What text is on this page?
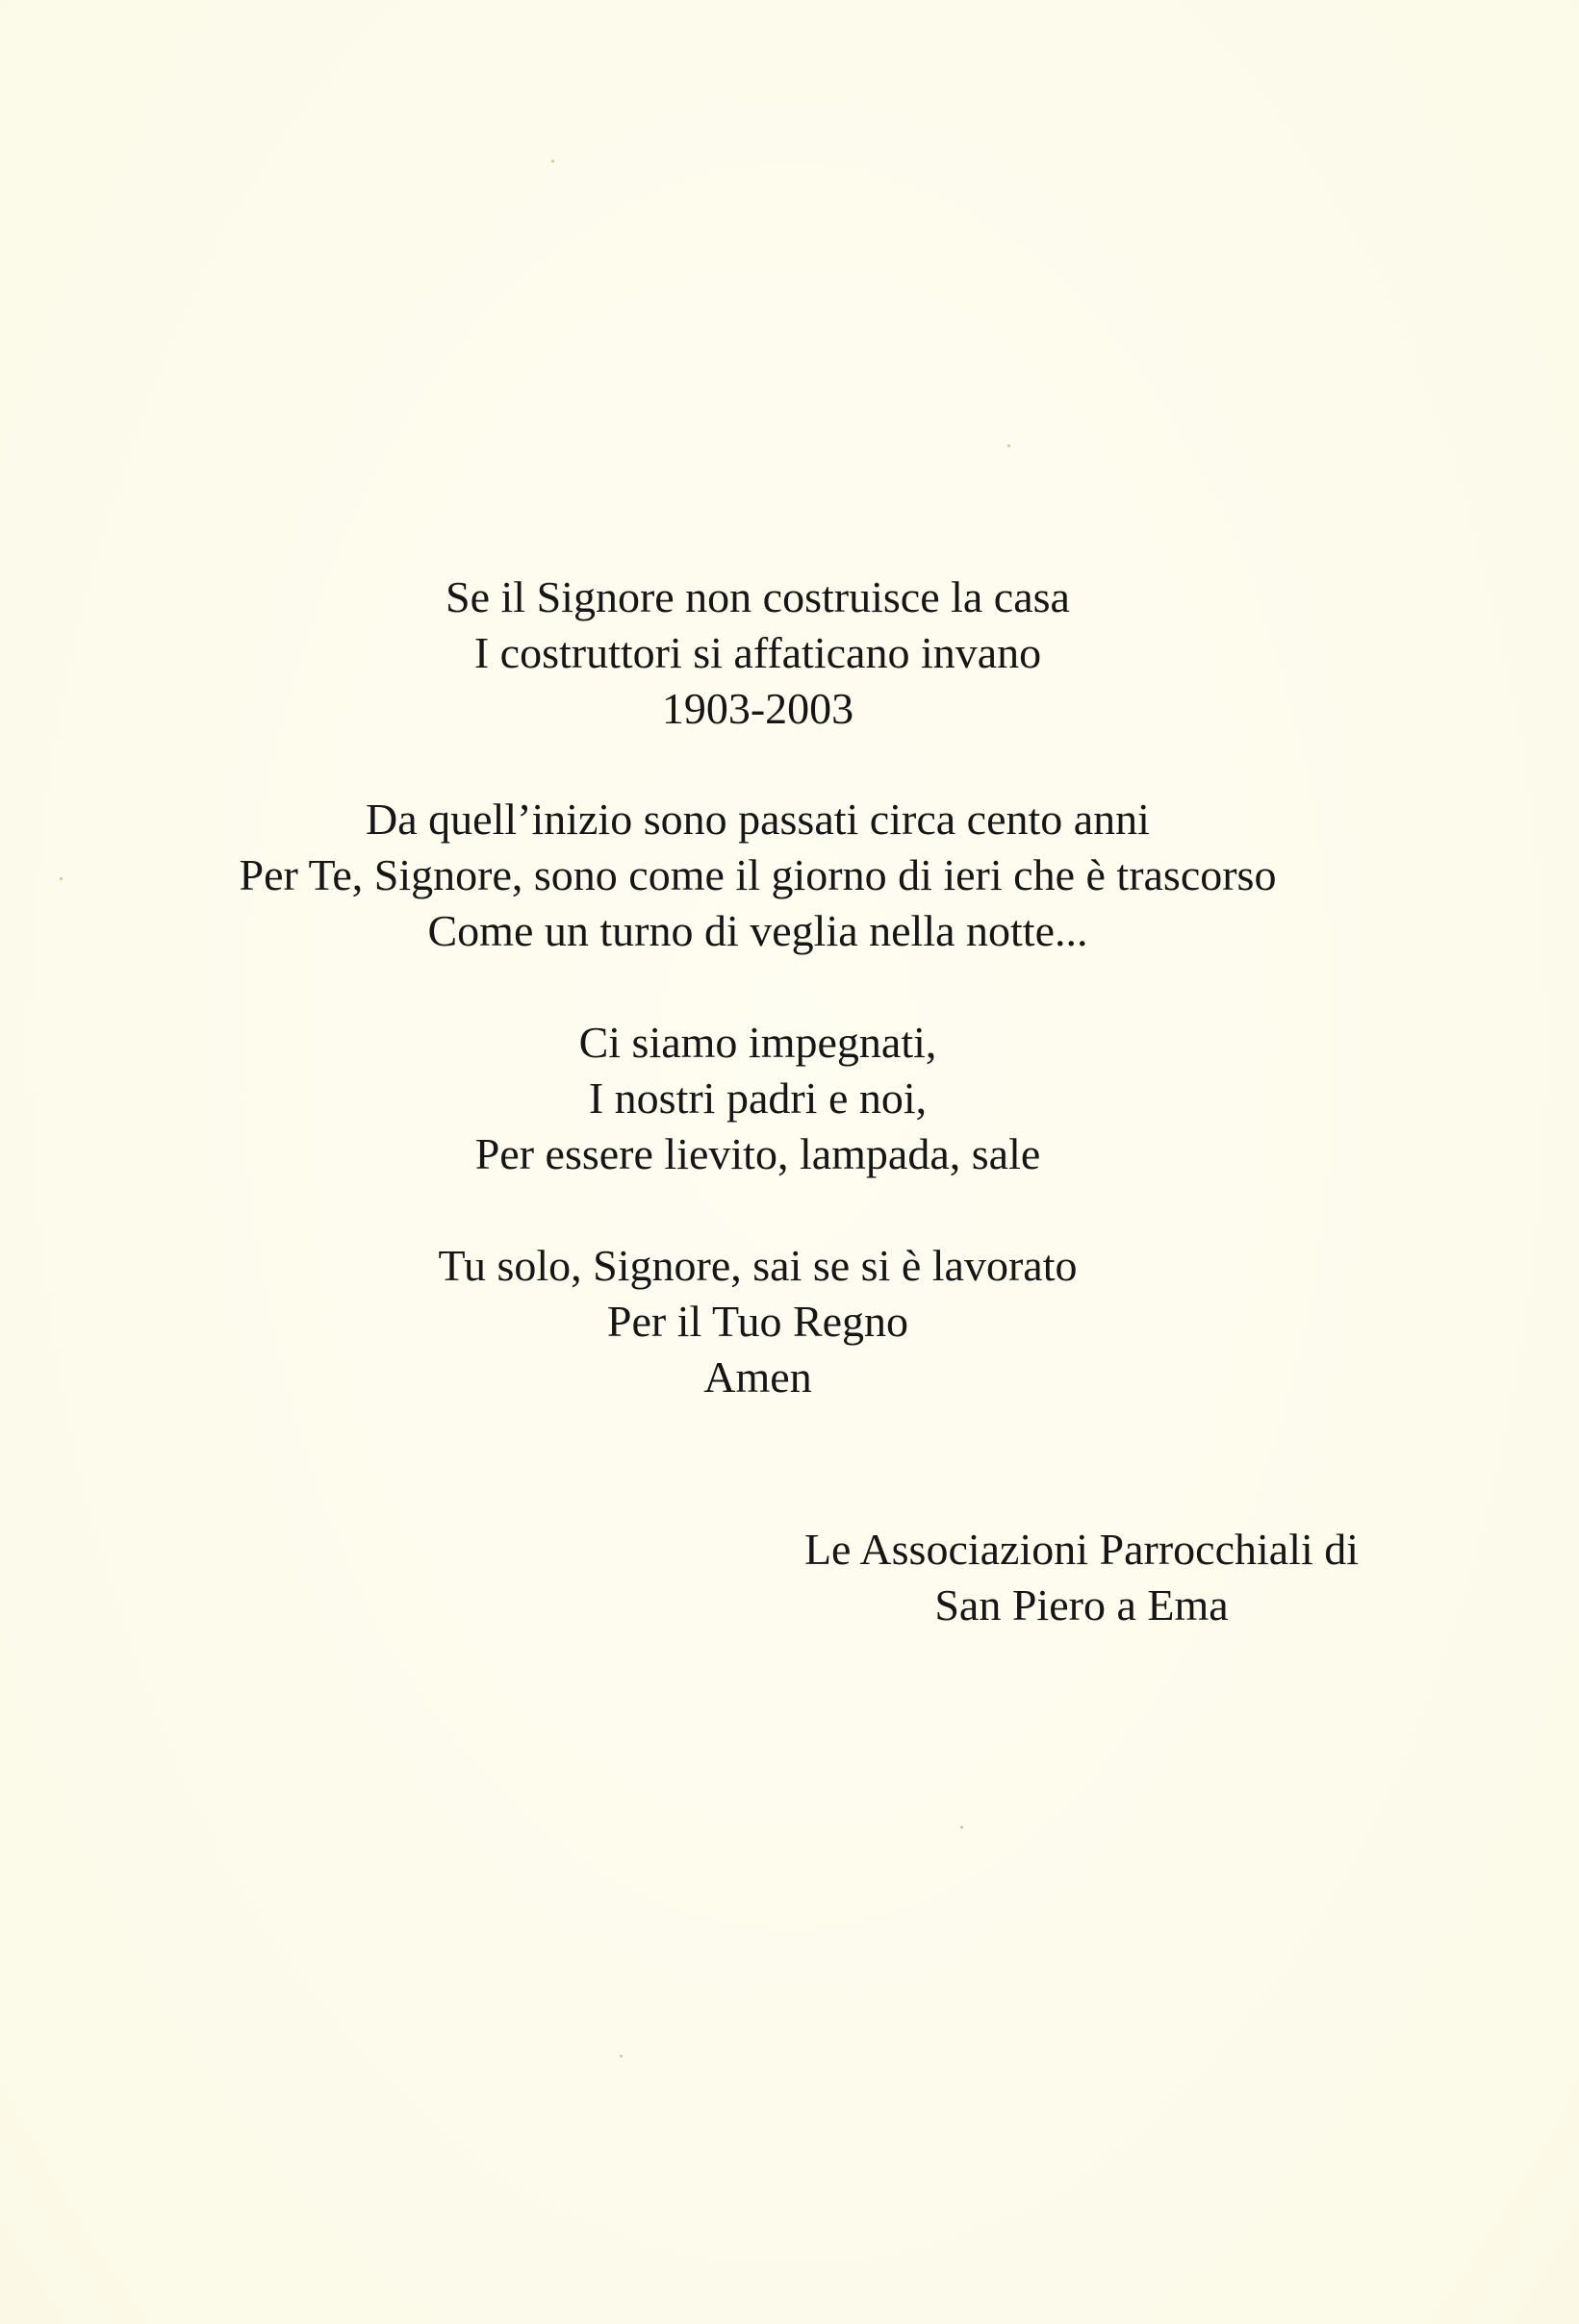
Se il Signore non costruisce la casa
I costruttori si affaticano invano
1903-2003
Da quell’inizio sono passati circa cento anni
Per Te, Signore, sono come il giorno di ieri che è trascorso
Come un turno di veglia nella notte...
Ci siamo impegnati,
I nostri padri e noi,
Per essere lievito, lampada, sale
Tu solo, Signore, sai se si è lavorato
Per il Tuo Regno
Amen
Le Associazioni Parrocchiali di
San Piero a Ema
